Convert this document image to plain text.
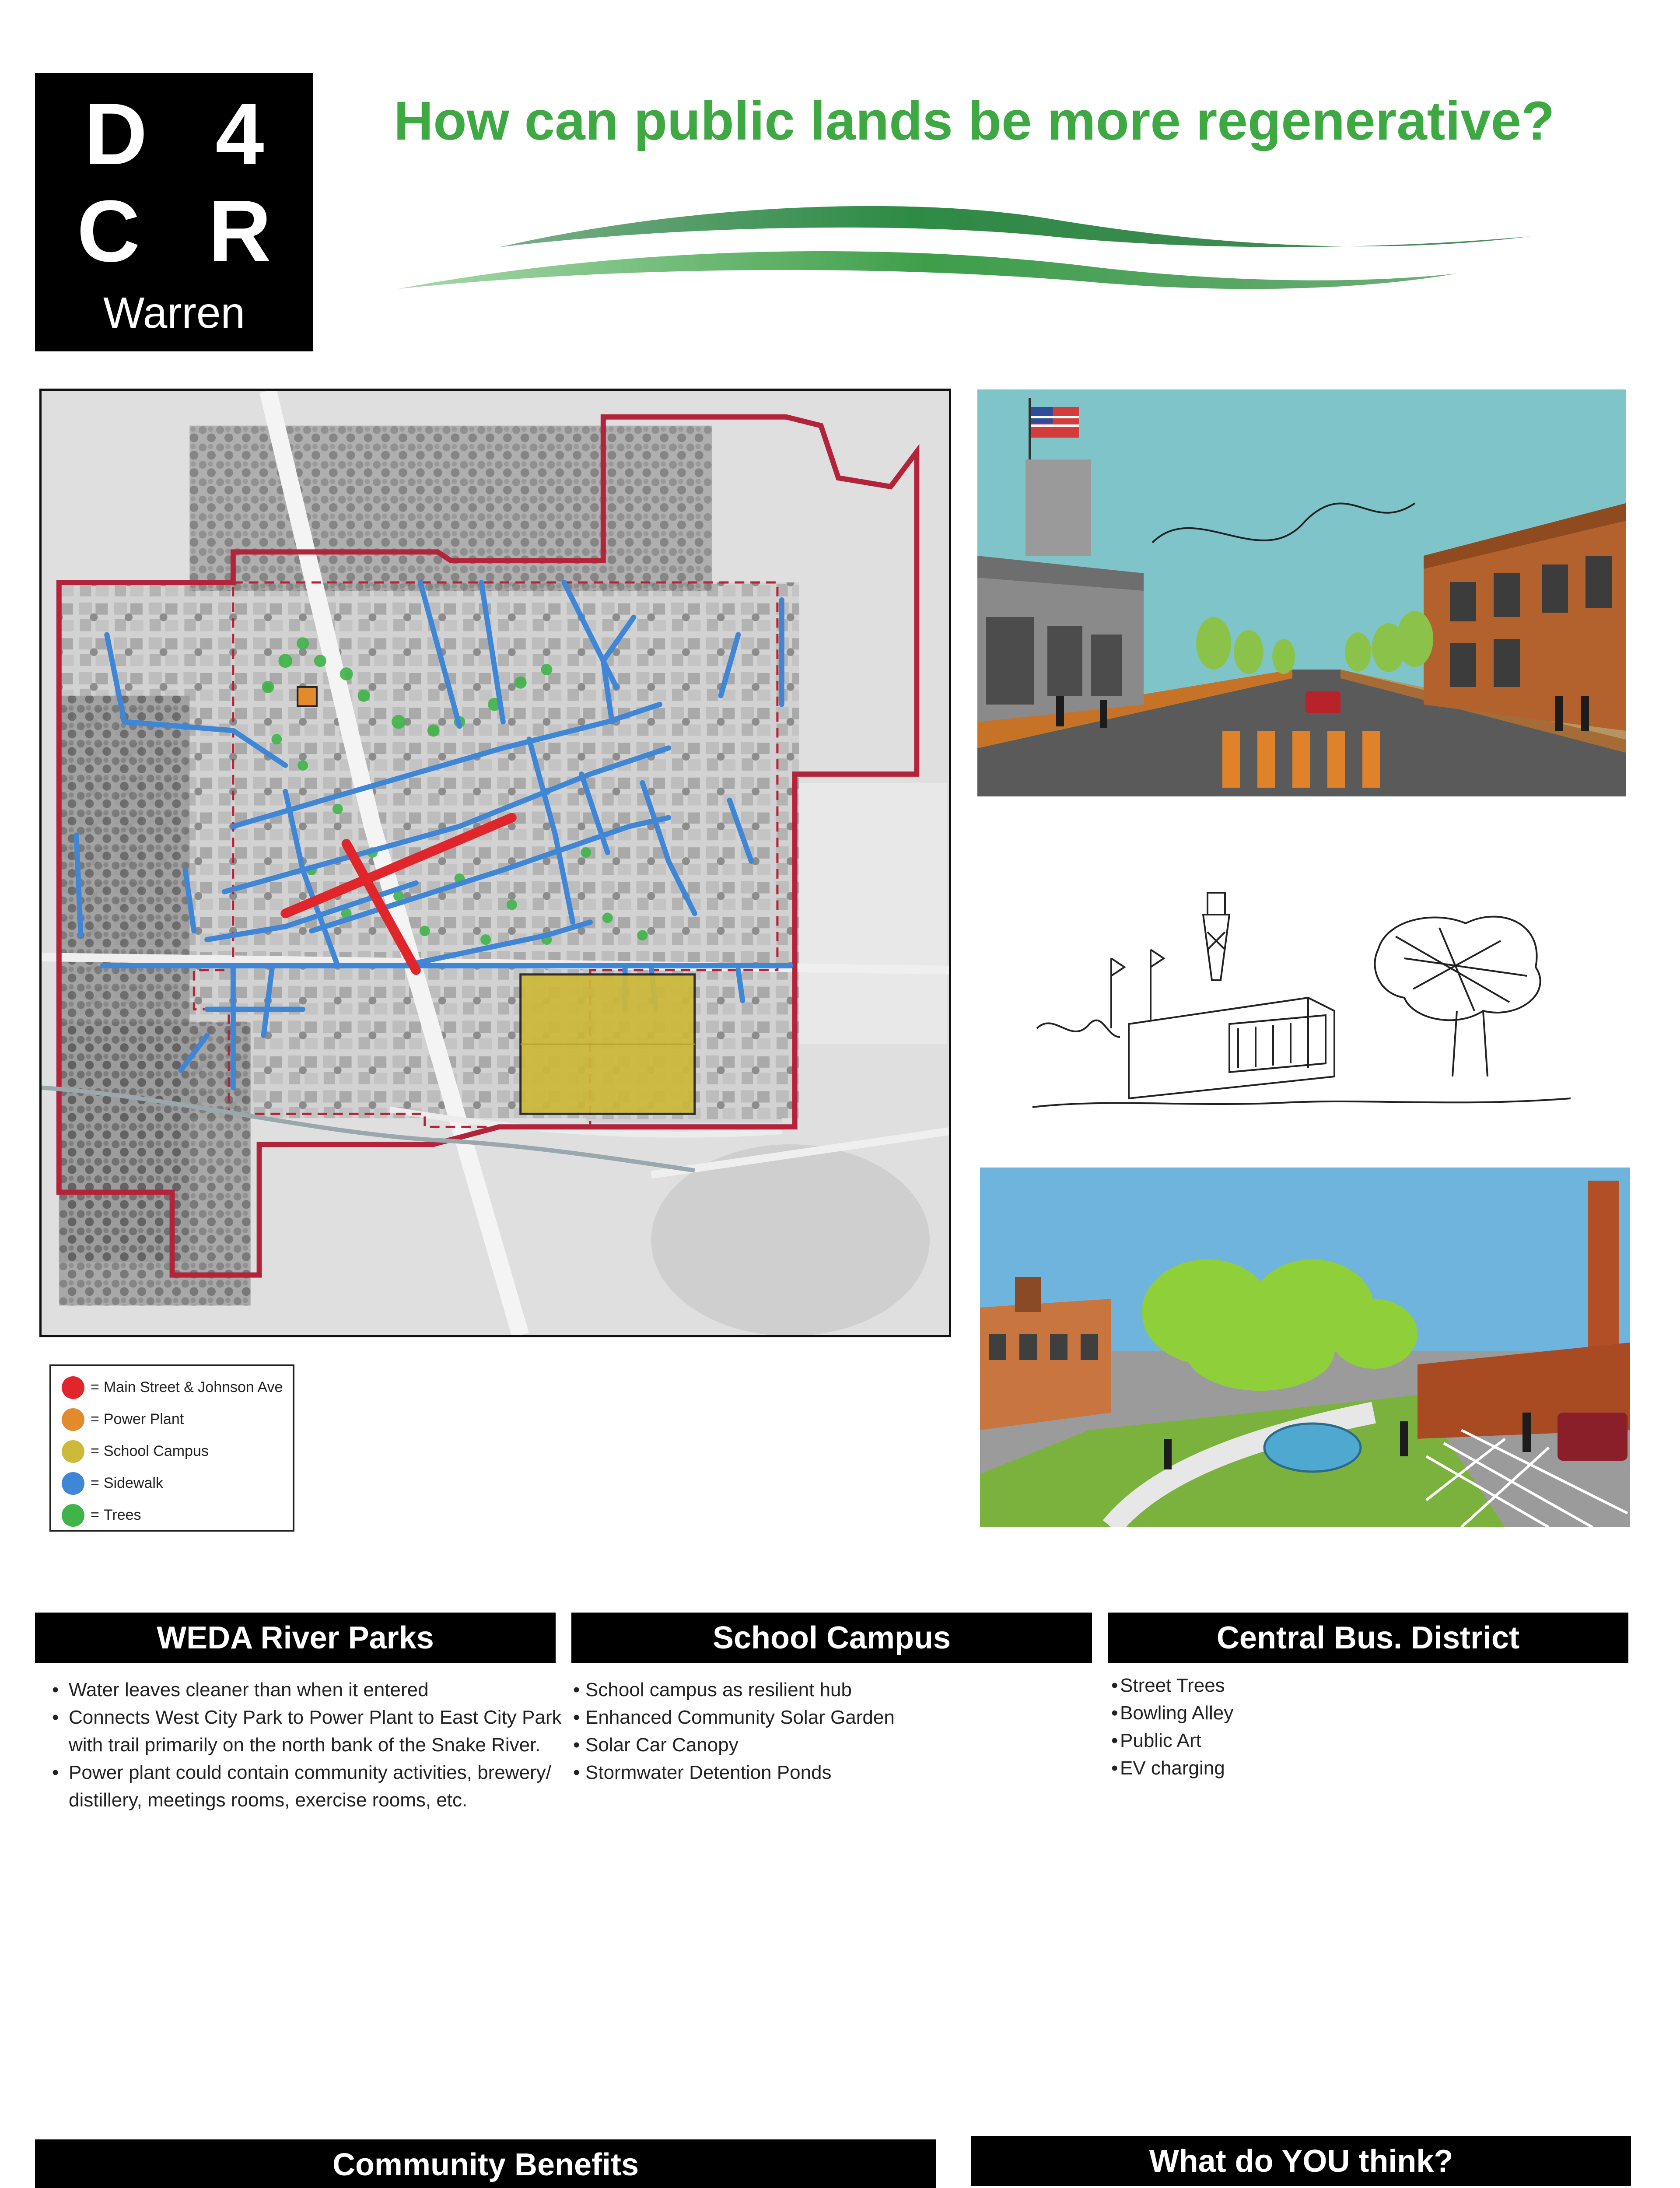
D 4
C R
Warren
How can public lands be more regenerative?
= Main Street & Johnson Ave
= Power Plant
= School Campus
= Sidewalk
= Trees
WEDA River Parks	School Campus	Central Bus. District
• Water leaves cleaner than when it entered
• Connects West City Park to Power Plant to East City Park with trail primarily on the north bank of the Snake River.
• Power plant could contain community activities, brewery/ distillery, meetings rooms, exercise rooms, etc.
• School campus as resilient hub
• Enhanced Community Solar Garden
• Solar Car Canopy
• Stormwater Detention Ponds
• Street Trees
• Bowling Alley
• Public Art
• EV charging
Community Benefits	What do YOU think?
